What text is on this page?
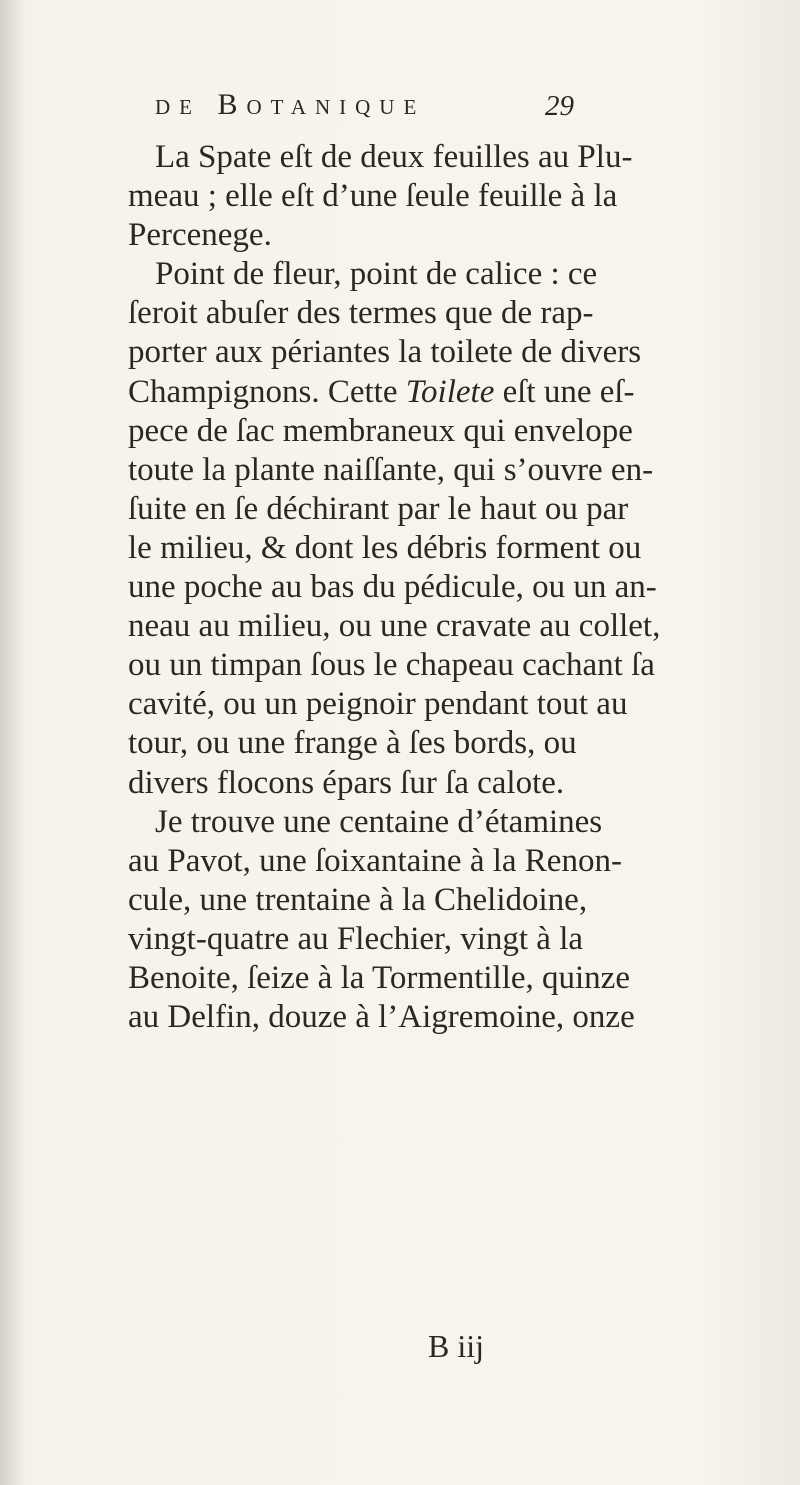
de Botanique	29
La Spate eſt de deux feuilles au Plu-
meau ; elle eſt d’une ſeule feuille à la
Percenege.
Point de fleur, point de calice : ce
ſeroit abuſer des termes que de rap-
porter aux périantes la toilete de divers
Champignons. Cette Toilete eſt une eſ-
pece de ſac membraneux qui envelope
toute la plante naiſſante, qui s’ouvre en-
ſuite en ſe déchirant par le haut ou par
le milieu, & dont les débris forment ou
une poche au bas du pédicule, ou un an-
neau au milieu, ou une cravate au collet,
ou un timpan ſous le chapeau cachant ſa
cavité, ou un peignoir pendant tout au
tour, ou une frange à ſes bords, ou
divers flocons épars ſur ſa calote.
Je trouve une centaine d’étamines
au Pavot, une ſoixantaine à la Renon-
cule, une trentaine à la Chelidoine,
vingt-quatre au Flechier, vingt à la
Benoite, ſeize à la Tormentille, quinze
au Delfin, douze à l’Aigremoine, onze
B iij
